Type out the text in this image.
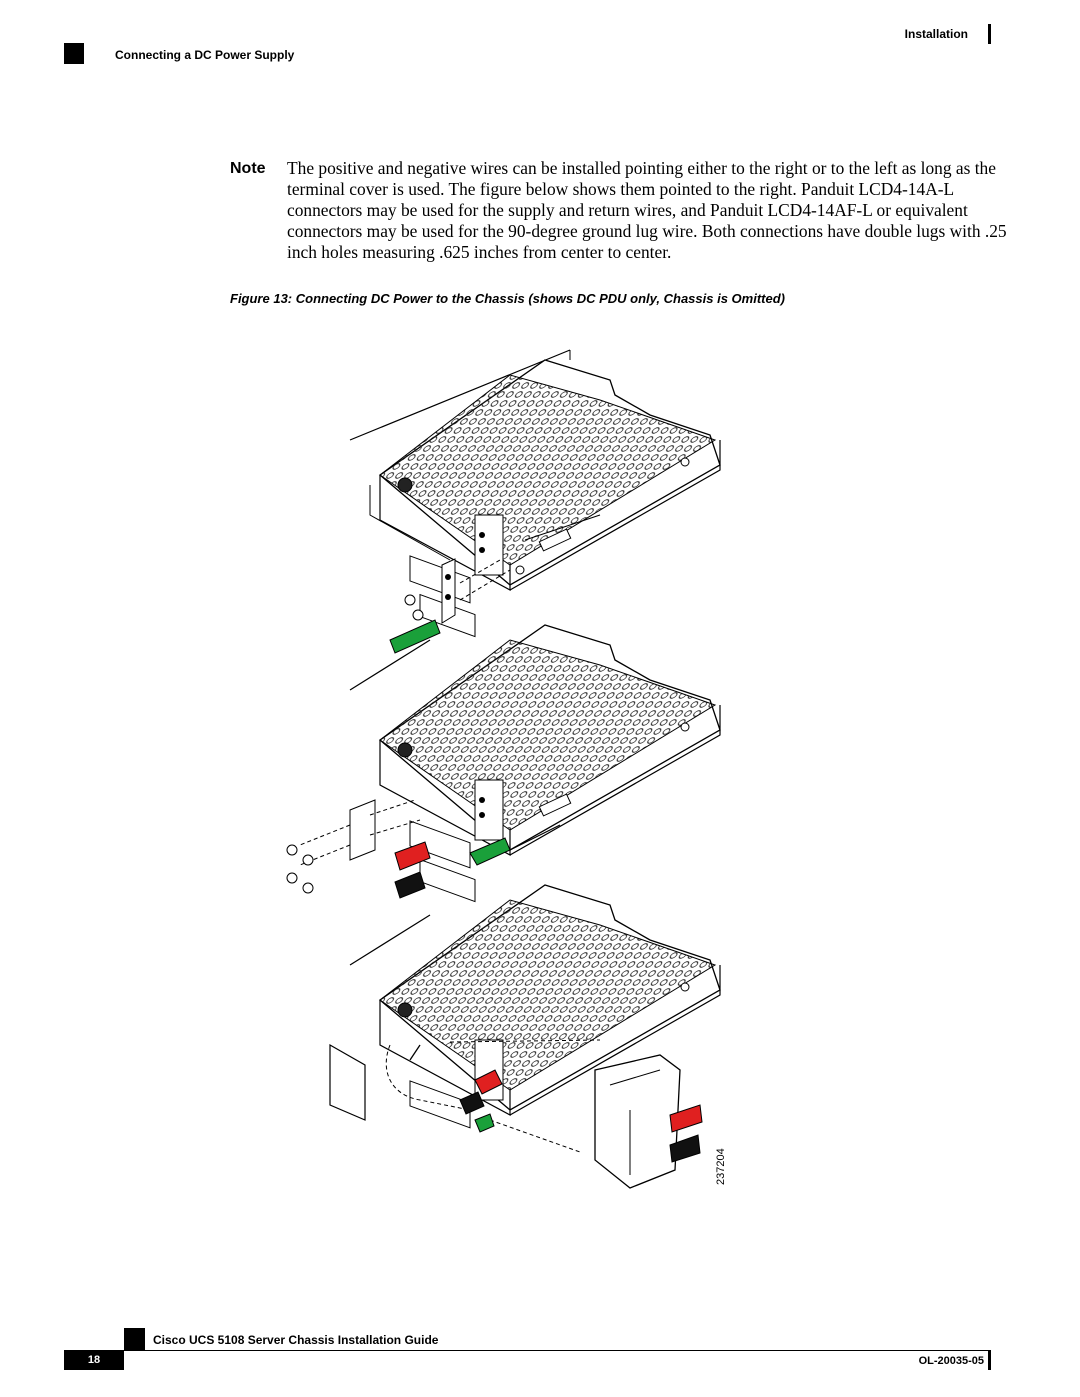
Installation
Connecting a DC Power Supply
Note The positive and negative wires can be installed pointing either to the right or to the left as long as the terminal cover is used. The figure below shows them pointed to the right. Panduit LCD4-14A-L connectors may be used for the supply and return wires, and Panduit LCD4-14AF-L or equivalent connectors may be used for the 90-degree ground lug wire. Both connections have double lugs with .25 inch holes measuring .625 inches from center to center.

Figure 13: Connecting DC Power to the Chassis (shows DC PDU only, Chassis is Omitted)
237204
Cisco UCS 5108 Server Chassis Installation Guide
18	OL-20035-05
